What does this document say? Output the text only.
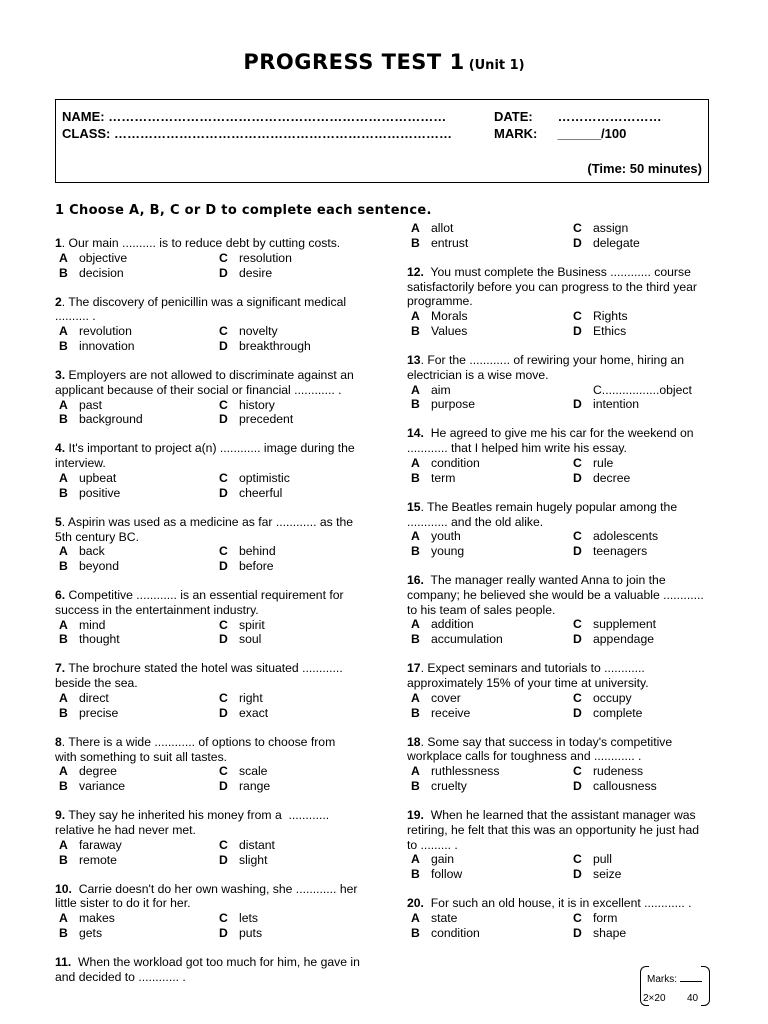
PROGRESS TEST 1 (Unit 1)
NAME: ……………………………………………………………………
CLASS: ……………………………………………………………………
DATE: ……………………
MARK: ______/100
(Time: 50 minutes)
1 Choose A, B, C or D to complete each sentence.
1. Our main .......... is to reduce debt by cutting costs.
A objective	C resolution
B decision	D desire
2. The discovery of penicillin was a significant medical .......... .
A revolution	C novelty
B innovation	D breakthrough
3. Employers are not allowed to discriminate against an applicant because of their social or financial ............ .
A past	C history
B background	D precedent
4. It's important to project a(n) ............ image during the interview.
A upbeat	C optimistic
B positive	D cheerful
5. Aspirin was used as a medicine as far ............ as the 5th century BC.
A back	C behind
B beyond	D before
6. Competitive ............ is an essential requirement for success in the entertainment industry.
A mind	C spirit
B thought	D soul
7. The brochure stated the hotel was situated ............ beside the sea.
A direct	C right
B precise	D exact
8. There is a wide ............ of options to choose from with something to suit all tastes.
A degree	C scale
B variance	D range
9. They say he inherited his money from a  ............ relative he had never met.
A faraway	C distant
B remote	D slight
10.  Carrie doesn't do her own washing, she ............ her little sister to do it for her.
A makes	C lets
B gets	D puts
11.  When the workload got too much for him, he gave in and decided to ............ .
A allot	C assign
B entrust	D delegate
12.  You must complete the Business ............ course satisfactorily before you can progress to the third year programme.
A Morals	C Rights
B Values	D Ethics
13. For the ............ of rewiring your home, hiring an electrician is a wise move.
A aim	C.................object
B purpose	D intention
14.  He agreed to give me his car for the weekend on ............ that I helped him write his essay.
A condition	C rule
B term	D decree
15. The Beatles remain hugely popular among the ............ and the old alike.
A youth	C adolescents
B young	D teenagers
16.  The manager really wanted Anna to join the company; he believed she would be a valuable ............ to his team of sales people.
A addition	C supplement
B accumulation	D appendage
17. Expect seminars and tutorials to ............ approximately 15% of your time at university.
A cover	C occupy
B receive	D complete
18. Some say that success in today's competitive workplace calls for toughness and ............ .
A ruthlessness	C rudeness
B cruelty	D callousness
19.  When he learned that the assistant manager was retiring, he felt that this was an opportunity he just had to ......... .
A gain	C pull
B follow	D seize
20.  For such an old house, it is in excellent ............ .
A state	C form
B condition	D shape
Marks:
2×20 40
